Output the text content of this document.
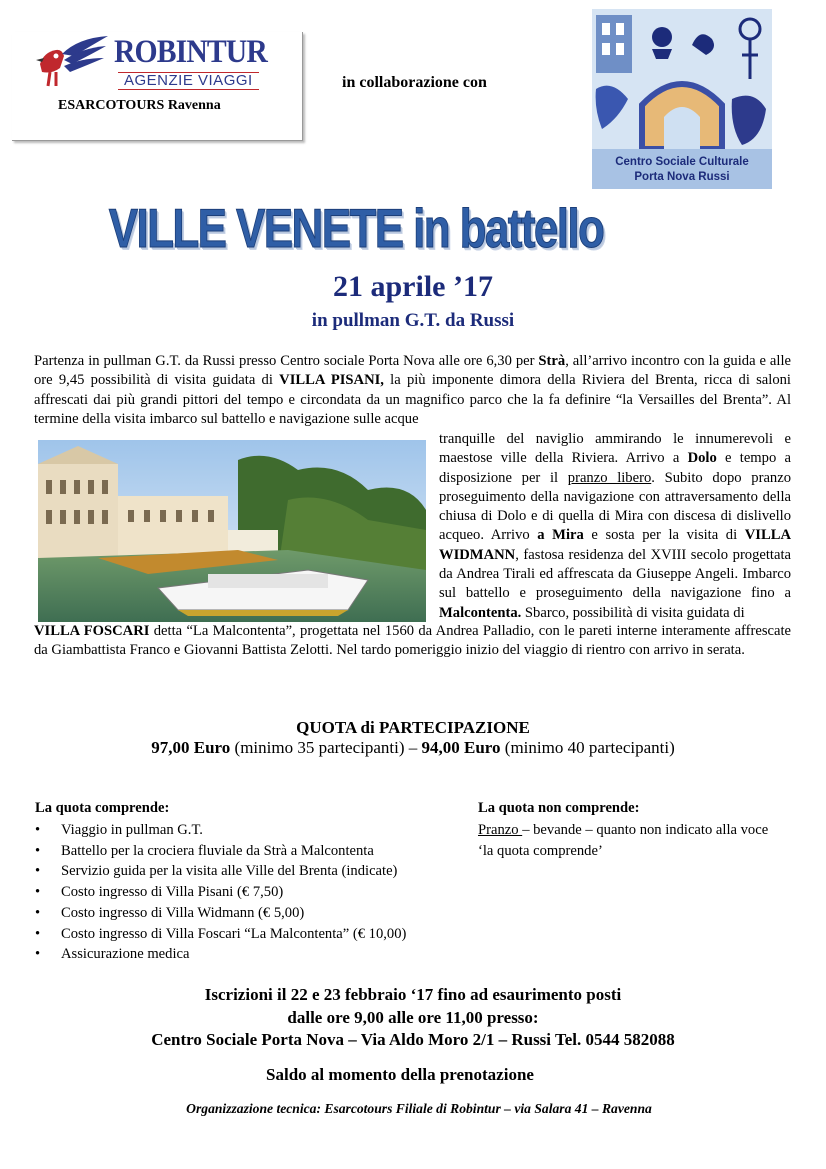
ROBINTUR
AGENZIE VIAGGI
ESARCOTOURS Ravenna
in collaborazione con
Centro Sociale Culturale
Porta Nova Russi
VILLE VENETE in battello
21 aprile ’17
in pullman G.T. da Russi
Partenza in pullman G.T. da Russi presso Centro sociale Porta Nova alle ore 6,30 per Strà, all’arrivo incontro con la guida e alle ore 9,45 possibilità di visita guidata di VILLA PISANI, la più imponente dimora della Riviera del Brenta, ricca di saloni affrescati dai più grandi pittori del tempo e circondata da un magnifico parco che la fa definire “la Versailles del Brenta”. Al termine della visita imbarco sul battello e navigazione sulle acque
tranquille del naviglio ammirando le innumerevoli e maestose ville della Riviera. Arrivo a Dolo e tempo a disposizione per il pranzo libero. Subito dopo pranzo proseguimento della navigazione con attraversamento della chiusa di Dolo e di quella di Mira con discesa di dislivello acqueo. Arrivo a Mira e sosta per la visita di VILLA WIDMANN, fastosa residenza del XVIII secolo progettata da Andrea Tirali ed affrescata da Giuseppe Angeli. Imbarco sul battello e proseguimento della navigazione fino a Malcontenta. Sbarco, possibilità di visita guidata di
VILLA FOSCARI detta “La Malcontenta”, progettata nel 1560 da Andrea Palladio, con le pareti interne interamente affrescate da Giambattista Franco e Giovanni Battista Zelotti. Nel tardo pomeriggio inizio del viaggio di rientro con arrivo in serata.
QUOTA di PARTECIPAZIONE
97,00 Euro (minimo 35 partecipanti) – 94,00 Euro (minimo 40 partecipanti)
La quota comprende:
• Viaggio in pullman G.T.
• Battello per la crociera fluviale da Strà a Malcontenta
• Servizio guida per la visita alle Ville del Brenta (indicate)
• Costo ingresso di Villa Pisani (€ 7,50)
• Costo ingresso di Villa Widmann (€ 5,00)
• Costo ingresso di Villa Foscari “La Malcontenta” (€ 10,00)
• Assicurazione medica
La quota non comprende:
Pranzo – bevande – quanto non indicato alla voce ‘la quota comprende’
Iscrizioni il 22 e 23 febbraio ‘17 fino ad esaurimento posti
dalle ore 9,00 alle ore 11,00 presso:
Centro Sociale Porta Nova – Via Aldo Moro 2/1 – Russi Tel. 0544 582088
Saldo al momento della prenotazione
Organizzazione tecnica: Esarcotours Filiale di Robintur – via Salara 41 – Ravenna
